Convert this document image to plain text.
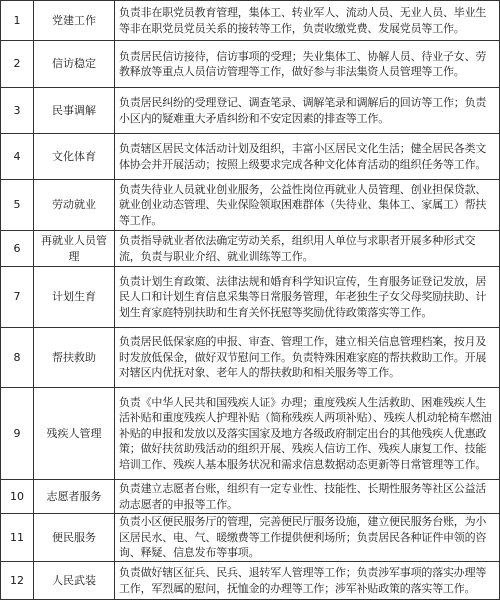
1	党建工作	负责非在职党员教育管理，集体工、转业军人、流动人员、无业人员、毕业生等非在职党员党员关系的接转等工作，负责收缴党费、发展党员等工作。
2	信访稳定	负责居民信访接待，信访事项的受理；失业集体工、协解人员、待业子女、劳教释放等重点人员信访管理等工作，做好参与非法集资人员管理等工作。
3	民事调解	负责居民纠纷的受理登记、调查笔录、调解笔录和调解后的回访等工作；负责小区内的疑难重大矛盾纠纷和不安定因素的排查等工作。
4	文化体育	负责辖区居民文体活动计划及组织，丰富小区居民文化生活；健全居民各类文体协会并开展活动；按照上级要求完成各种文化体育活动的组织任务等工作。
5	劳动就业	负责失待业人员就业创业服务，公益性岗位再就业人员管理、创业担保贷款、就业创业动态管理、失业保险领取困难群体（失待业、集体工、家属工）帮扶等工作。
6	再就业人员管理	负责指导就业者依法确定劳动关系，组织用人单位与求职者开展多种形式交流，负责与职业介绍、就业训练等工作。
7	计划生育	负责计划生育政策、法律法规和婚育科学知识宣传，生育服务证登记发放，居民人口和计划生育信息采集等日常服务管理，年老独生子女父母奖励扶助、计划生育家庭特别扶助和生育关怀抚慰等奖励优待政策落实等工作。
8	帮扶救助	负责居民低保家庭的申报、审查、管理工作，建立相关信息管理档案，按月及时发放低保金，做好双节慰问工作。负责特殊困难家庭的帮扶救助工作。开展对辖区内优抚对象、老年人的帮扶救助和相关服务等工作。
9	残疾人管理	负责《中华人民共和国残疾人证》办理；重度残疾人生活救助、困难残疾人生活补贴和重度残疾人护理补贴（简称残疾人两项补贴）、残疾人机动轮椅车燃油补贴的申报和发放以及落实国家及地方各级政府制定出台的其他残疾人优惠政策；做好扶贫助残活动的组织开展、残疾人信访工作、残疾人康复工作、技能培训工作、残疾人基本服务状况和需求信息数据动态更新等日常管理等工作。
10	志愿者服务	负责建立志愿者台账，组织有一定专业性、技能性、长期性服务等社区公益活动志愿者的申报等工作。
11	便民服务	负责小区便民服务厅的管理，完善便民厅服务设施，建立便民服务台账，为小区居民水、电、气、暖缴费等工作提供便利场所；负责居民各种证件申领的咨询、释疑、信息发布等事项。
12	人民武装	负责做好辖区征兵、民兵、退转军人管理等工作；负责涉军事项的落实办理等工作，军烈属的慰问，抚恤金的办理等工作；涉军补贴政策的落实等工作。
